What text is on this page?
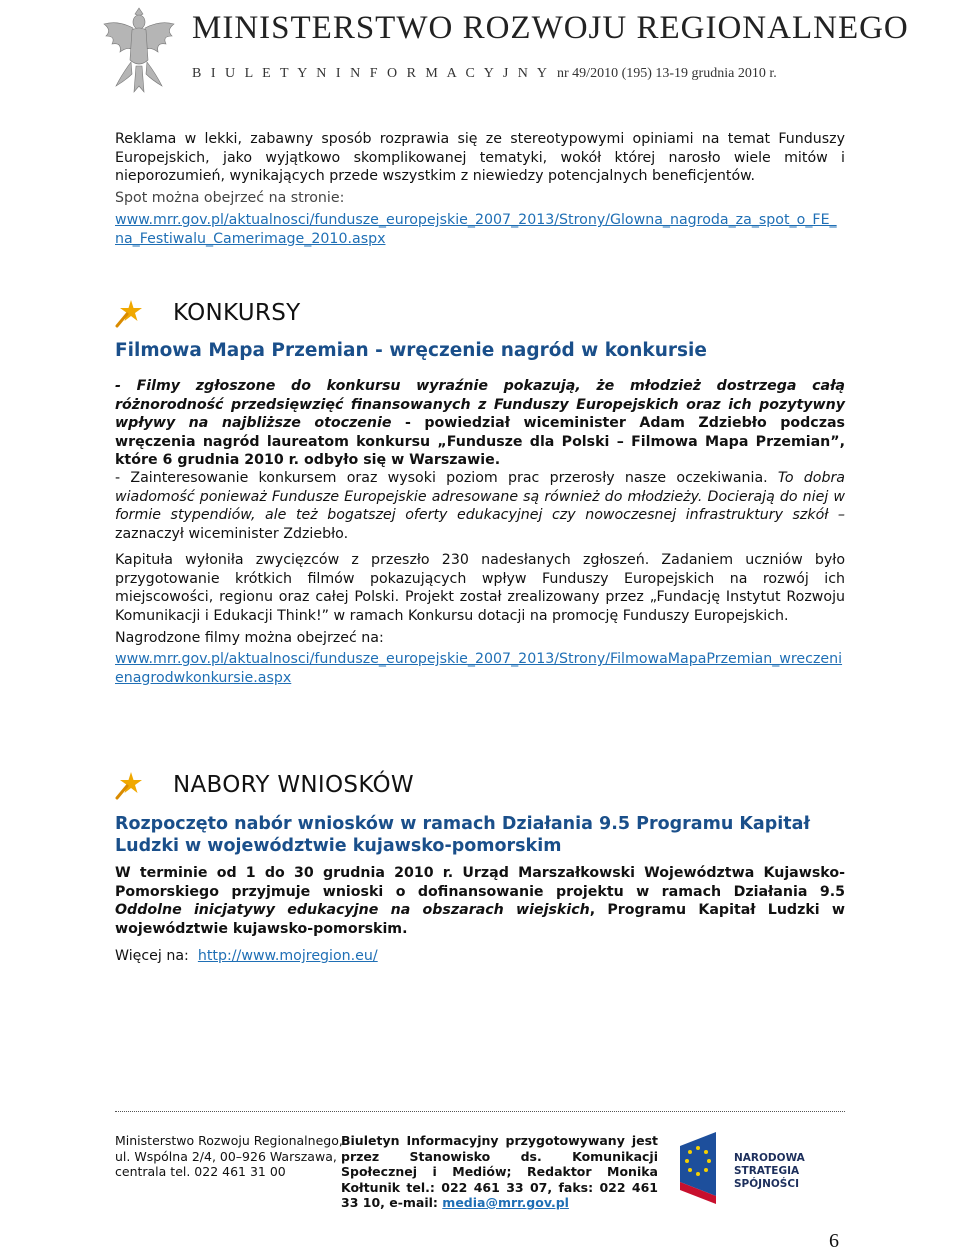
MINISTERSTWO ROZWOJU REGIONALNEGO
B I U L E T Y N I N F O R M A C Y J N Y nr 49/2010 (195) 13-19 grudnia 2010 r.

Reklama w lekki, zabawny sposób rozprawia się ze stereotypowymi opiniami na temat Funduszy Europejskich, jako wyjątkowo skomplikowanej tematyki, wokół której narosło wiele mitów i nieporozumień, wynikających przede wszystkim z niewiedzy potencjalnych beneficjentów.

Spot można obejrzeć na stronie:
www.mrr.gov.pl/aktualnosci/fundusze_europejskie_2007_2013/Strony/Glowna_nagroda_za_spot_o_FE_na_Festiwalu_Camerimage_2010.aspx
KONKURSY
Filmowa Mapa Przemian - wręczenie nagród w konkursie
- Filmy zgłoszone do konkursu wyraźnie pokazują, że młodzież dostrzega całą różnorodność przedsięwzięć finansowanych z Funduszy Europejskich oraz ich pozytywny wpływy na najbliższe otoczenie - powiedział wiceminister Adam Zdziebło podczas wręczenia nagród laureatom konkursu „Fundusze dla Polski – Filmowa Mapa Przemian”, które 6 grudnia 2010 r. odbyło się w Warszawie.
- Zainteresowanie konkursem oraz wysoki poziom prac przerosły nasze oczekiwania. To dobra wiadomość ponieważ Fundusze Europejskie adresowane są również do młodzieży. Docierają do niej w formie stypendiów, ale też bogatszej oferty edukacyjnej czy nowoczesnej infrastruktury szkół – zaznaczył wiceminister Zdziebło.
Kapituła wyłoniła zwycięzców z przeszło 230 nadesłanych zgłoszeń. Zadaniem uczniów było przygotowanie krótkich filmów pokazujących wpływ Funduszy Europejskich na rozwój ich miejscowości, regionu oraz całej Polski. Projekt został zrealizowany przez „Fundację Instytut Rozwoju Komunikacji i Edukacji Think!” w ramach Konkursu dotacji na promocję Funduszy Europejskich.
Nagrodzone filmy można obejrzeć na:
www.mrr.gov.pl/aktualnosci/fundusze_europejskie_2007_2013/Strony/FilmowaMapaPrzemian_wreczenienagrodwkonkursie.aspx
NABORY WNIOSKÓW
Rozpoczęto nabór wniosków w ramach Działania 9.5 Programu Kapitał Ludzki w województwie kujawsko-pomorskim
W terminie od 1 do 30 grudnia 2010 r. Urząd Marszałkowski Województwa Kujawsko-Pomorskiego przyjmuje wnioski o dofinansowanie projektu w ramach Działania 9.5 Oddolne inicjatywy edukacyjne na obszarach wiejskich, Programu Kapitał Ludzki w województwie kujawsko-pomorskim.
Więcej na: http://www.mojregion.eu/
Ministerstwo Rozwoju Regionalnego,
ul. Wspólna 2/4, 00–926 Warszawa,
centrala tel. 022 461 31 00
Biuletyn Informacyjny przygotowywany jest przez Stanowisko ds. Komunikacji Społecznej i Mediów; Redaktor Monika Kołtunik tel.: 022 461 33 07, faks: 022 461 33 10, e-mail: media@mrr.gov.pl
NARODOWA
STRATEGIA SPÓJNOŚCI
6
